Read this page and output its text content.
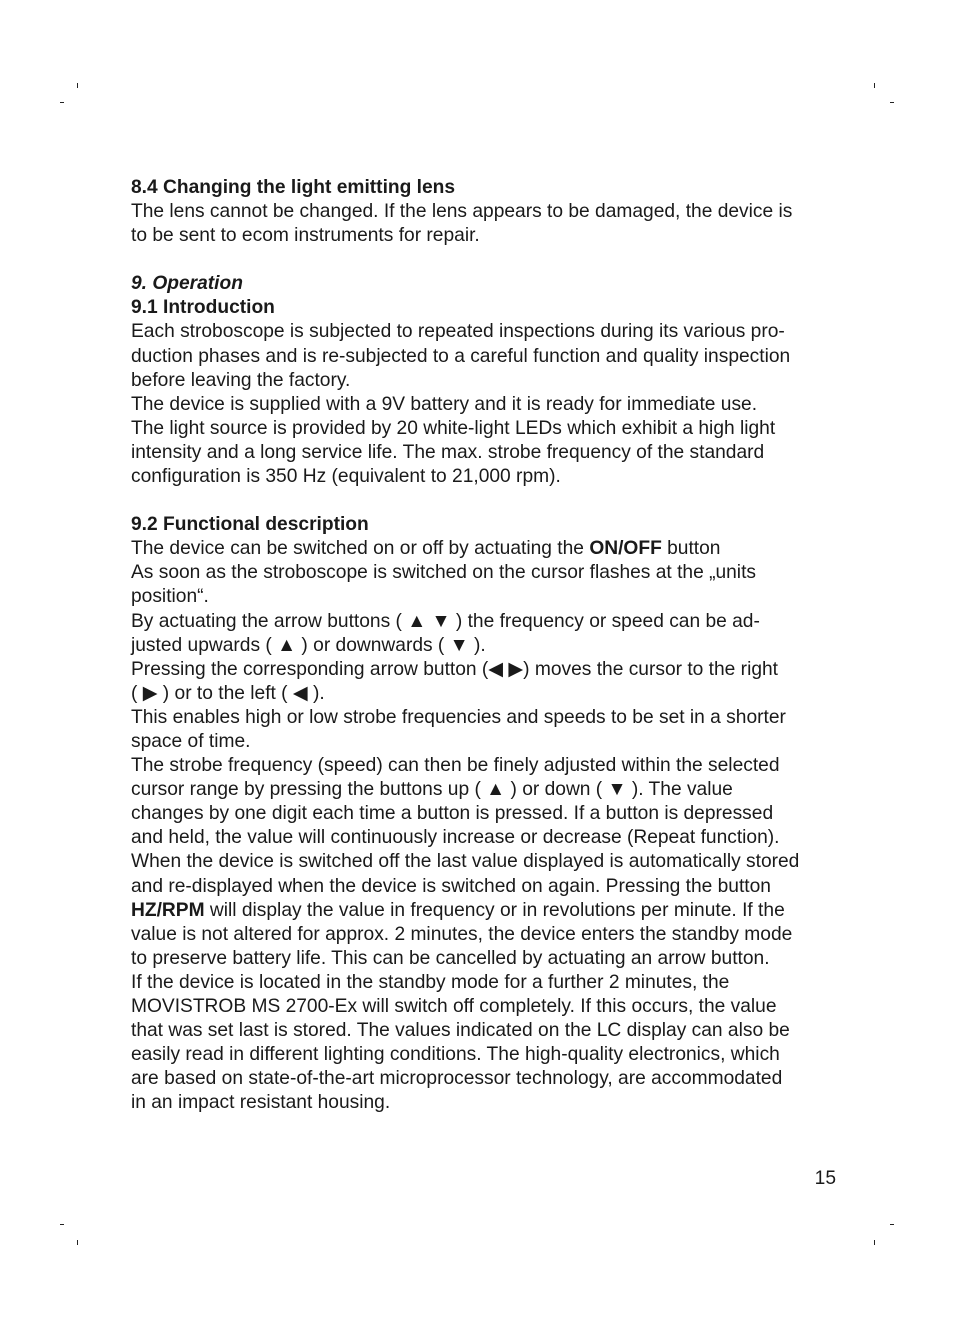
8.4 Changing the light emitting lens
The lens cannot be changed. If the lens appears to be damaged, the device is
to be sent to ecom instruments for repair.
9. Operation
9.1 Introduction
Each stroboscope is subjected to repeated inspections during its various pro-
duction phases and is re-subjected to a careful function and quality inspection
before leaving the factory.
The device is supplied with a 9V battery and it is ready for immediate use.
The light source is provided by 20 white-light LEDs which exhibit a high light
intensity and a long service life. The max. strobe frequency of the standard
configuration is 350 Hz (equivalent to 21,000 rpm).
9.2 Functional description
The device can be switched on or off by actuating the ON/OFF button
As soon as the stroboscope is switched on the cursor flashes at the „units
position“.
By actuating the arrow buttons ( ▲ ▼ ) the frequency or speed can be ad-
justed upwards ( ▲ ) or downwards ( ▼ ).
Pressing the corresponding arrow button (◀ ▶) moves the cursor to the right
( ▶ ) or to the left ( ◀ ).
This enables high or low strobe frequencies and speeds to be set in a shorter
space of time.
The strobe frequency (speed) can then be finely adjusted within the selected
cursor range by pressing the buttons up ( ▲ ) or down ( ▼ ). The value
changes by one digit each time a button is pressed. If a button is depressed
and held, the value will continuously increase or decrease (Repeat function).
When the device is switched off the last value displayed is automatically stored
and re-displayed when the device is switched on again. Pressing the button
HZ/RPM will display the value in frequency or in revolutions per minute. If the
value is not altered for approx. 2 minutes, the device enters the standby mode
to preserve battery life. This can be cancelled by actuating an arrow button.
If the device is located in the standby mode for a further 2 minutes, the
MOVISTROB MS 2700-Ex will switch off completely. If this occurs, the value
that was set last is stored. The values indicated on the LC display can also be
easily read in different lighting conditions. The high-quality electronics, which
are based on state-of-the-art microprocessor technology, are accommodated
in an impact resistant housing.
15
